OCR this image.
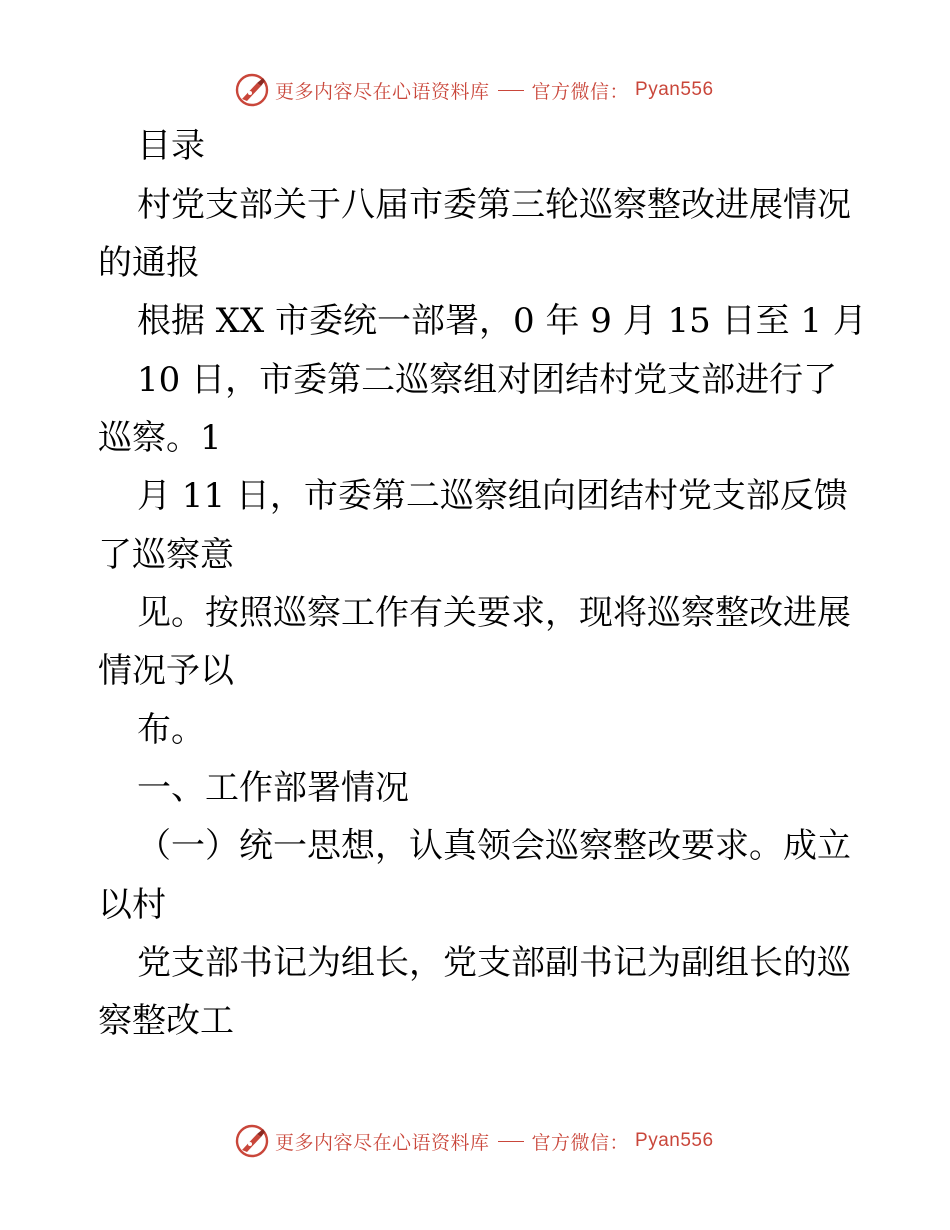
更多内容尽在心语资料库 官方微信： Pyan556
目录
村党支部关于八届市委第三轮巡察整改进展情况
的通报
根据 XX 市委统一部署，0 年 9 月 15 日至 1 月
10 日，市委第二巡察组对团结村党支部进行了
巡察。1
月 11 日，市委第二巡察组向团结村党支部反馈
了巡察意
见。按照巡察工作有关要求，现将巡察整改进展
情况予以
布。
一、工作部署情况
（一）统一思想，认真领会巡察整改要求。成立
以村
党支部书记为组长，党支部副书记为副组长的巡
察整改工
更多内容尽在心语资料库 官方微信： Pyan556
